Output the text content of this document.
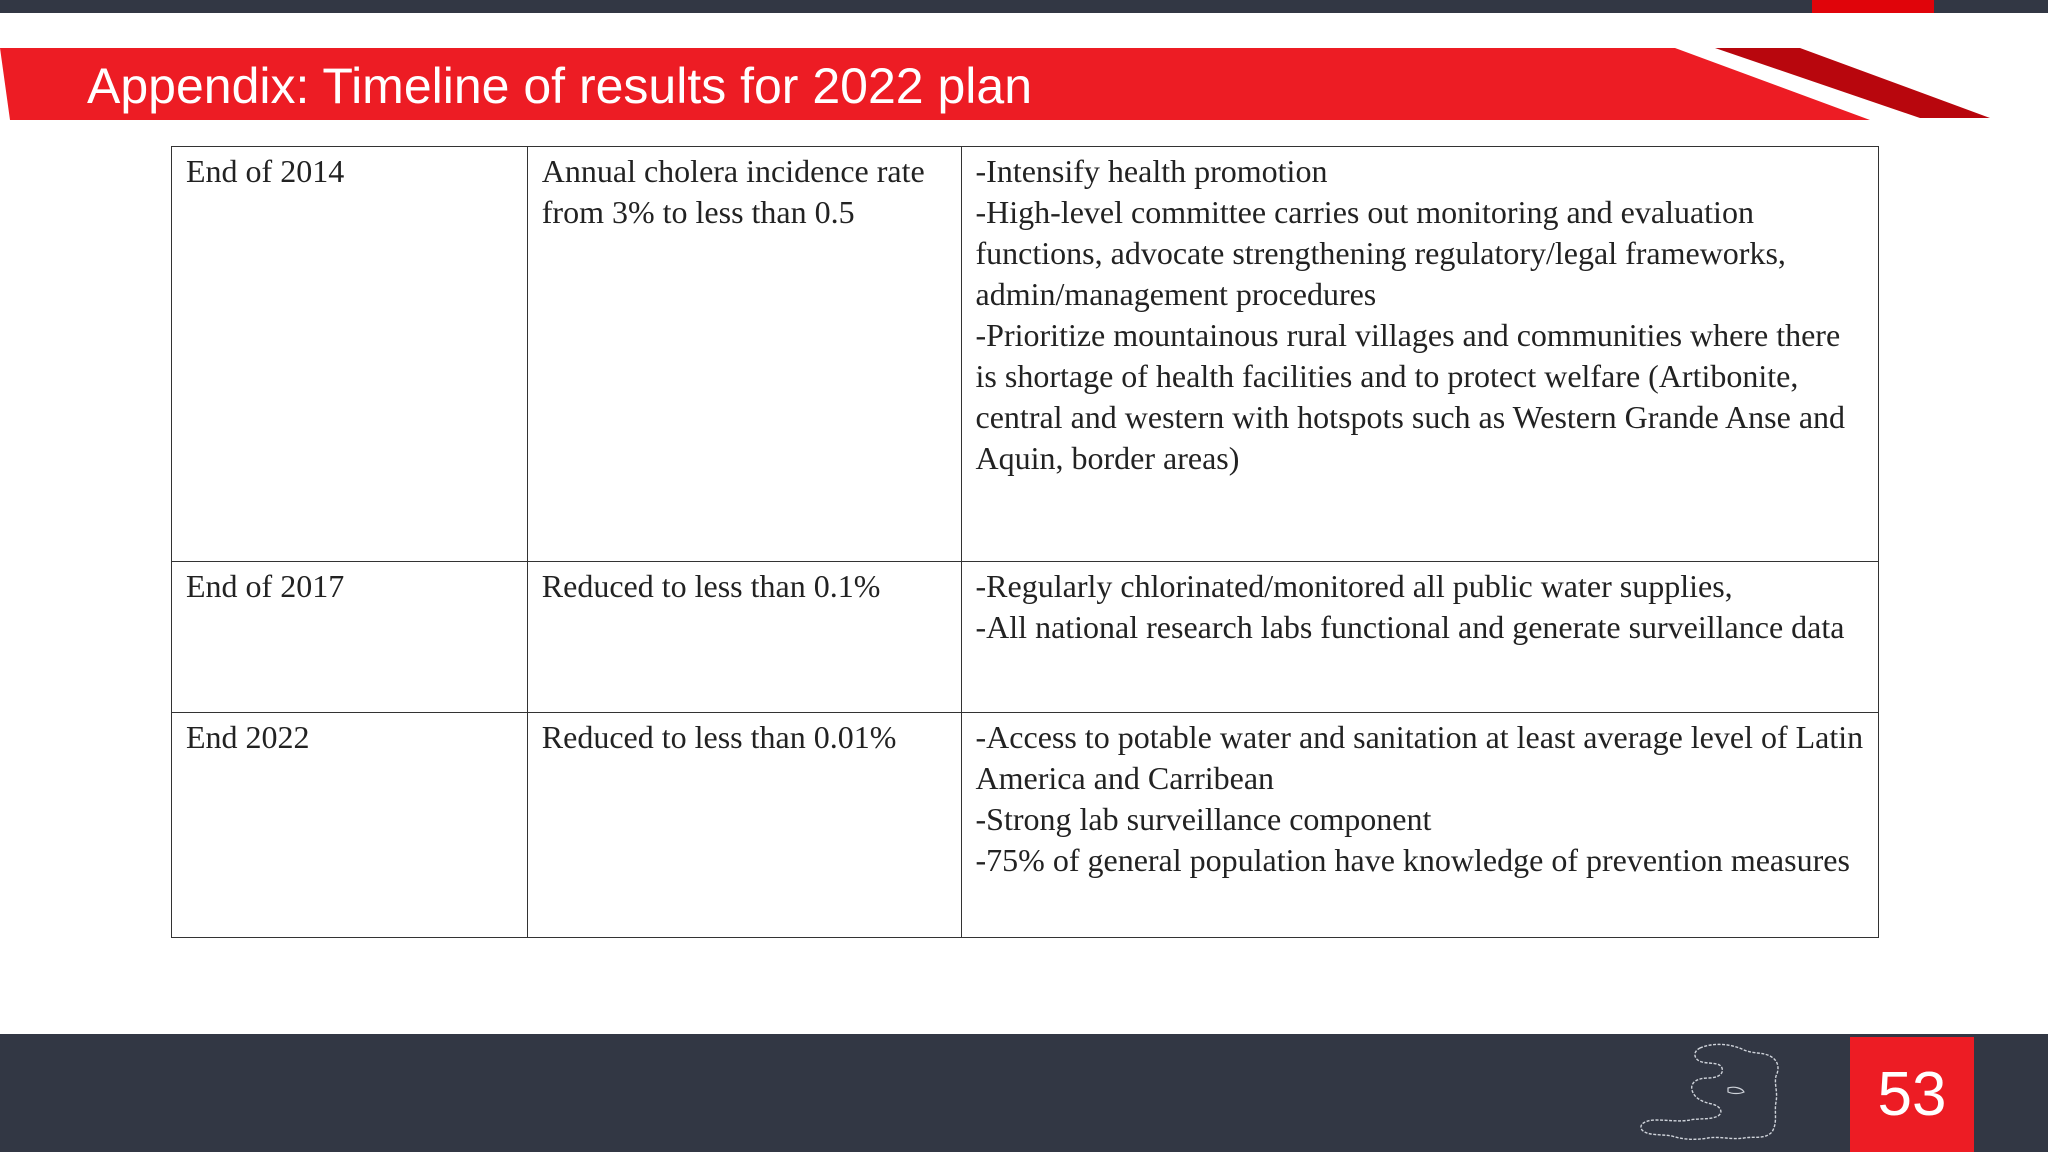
Appendix: Timeline of results for 2022 plan
End of 2014	Annual cholera incidence rate from 3% to less than 0.5	-Intensify health promotion
-High-level committee carries out monitoring and evaluation functions, advocate strengthening regulatory/legal frameworks, admin/management procedures
-Prioritize mountainous rural villages and communities where there is shortage of health facilities and to protect welfare (Artibonite, central and western with hotspots such as Western Grande Anse and Aquin, border areas)

End of 2017	Reduced to less than 0.1%	-Regularly chlorinated/monitored all public water supplies,
-All national research labs functional and generate surveillance data

End 2022	Reduced to less than 0.01%	-Access to potable water and sanitation at least average level of Latin America and Carribean
-Strong lab surveillance component
-75% of general population have knowledge of prevention measures
53
